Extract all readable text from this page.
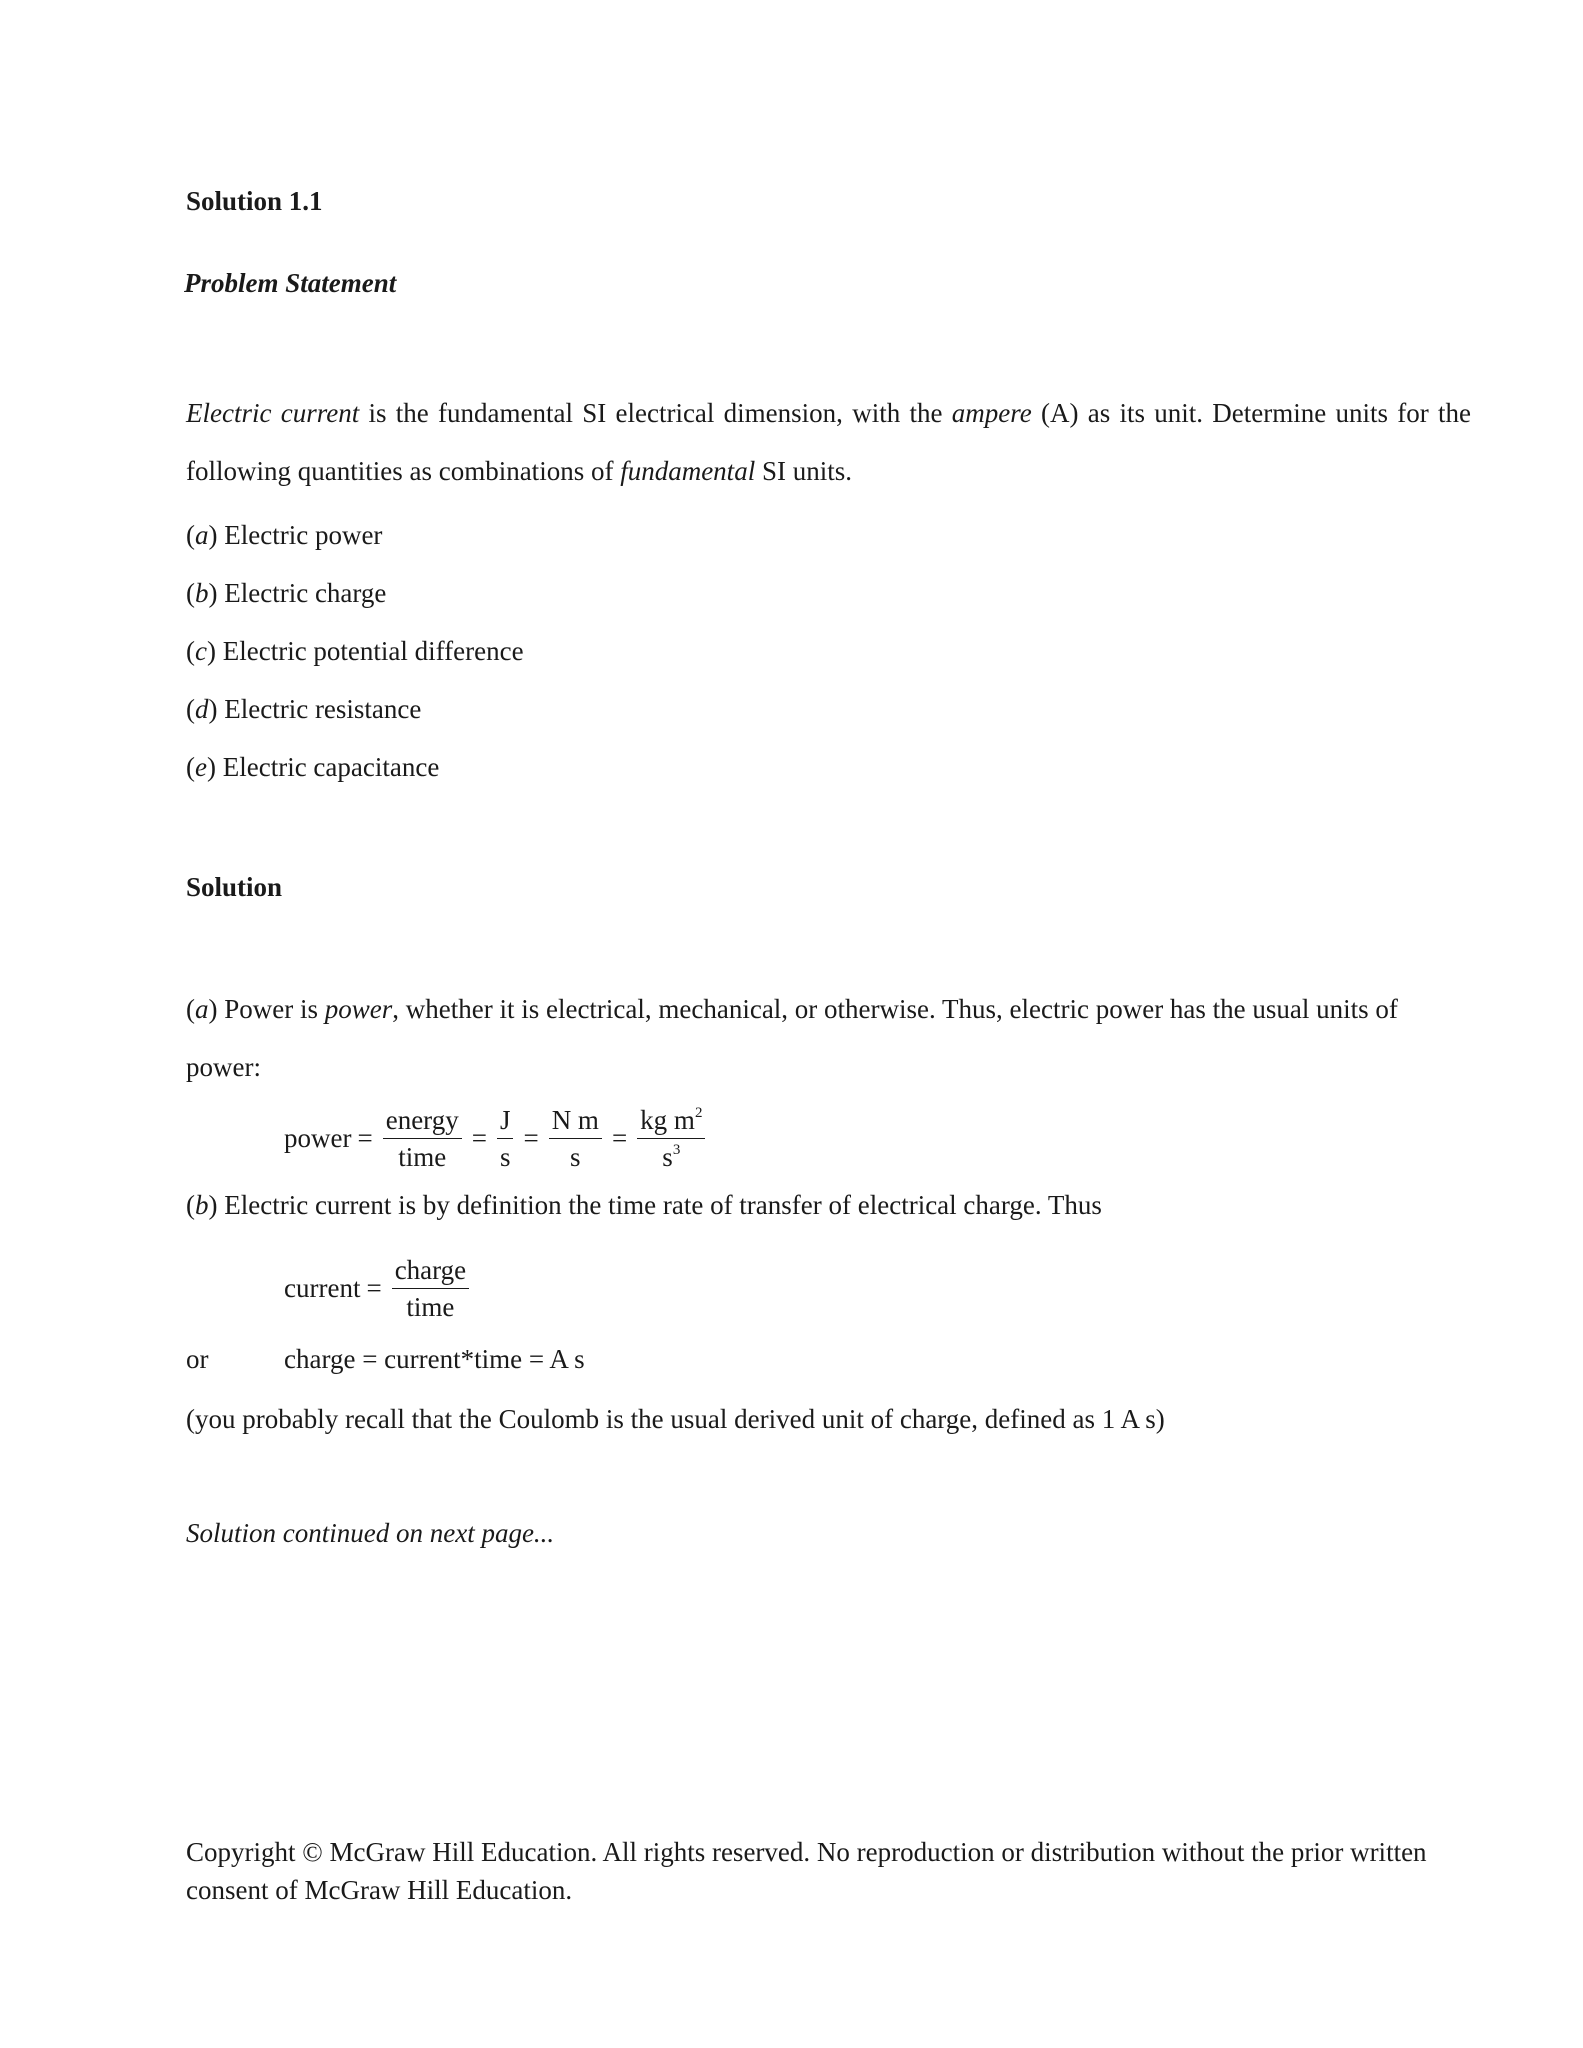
Solution 1.1
Problem Statement
Electric current is the fundamental SI electrical dimension, with the ampere (A) as its unit. Determine units for the following quantities as combinations of fundamental SI units.
(a) Electric power
(b) Electric charge
(c) Electric potential difference
(d) Electric resistance
(e) Electric capacitance
Solution
(a) Power is power, whether it is electrical, mechanical, or otherwise. Thus, electric power has the usual units of power:
power = $\frac{\text{energy}}{\text{time}} = \frac{J}{s} = \frac{\text{N m}}{s} = \frac{kg m^2}{s^3}$
(b) Electric current is by definition the time rate of transfer of electrical charge. Thus
current = $\frac{\text{charge}}{\text{time}}$
or	charge = current*time = A s
(you probably recall that the Coulomb is the usual derived unit of charge, defined as 1 A s)
Solution continued on next page...
Copyright © McGraw Hill Education. All rights reserved. No reproduction or distribution without the prior written consent of McGraw Hill Education.
